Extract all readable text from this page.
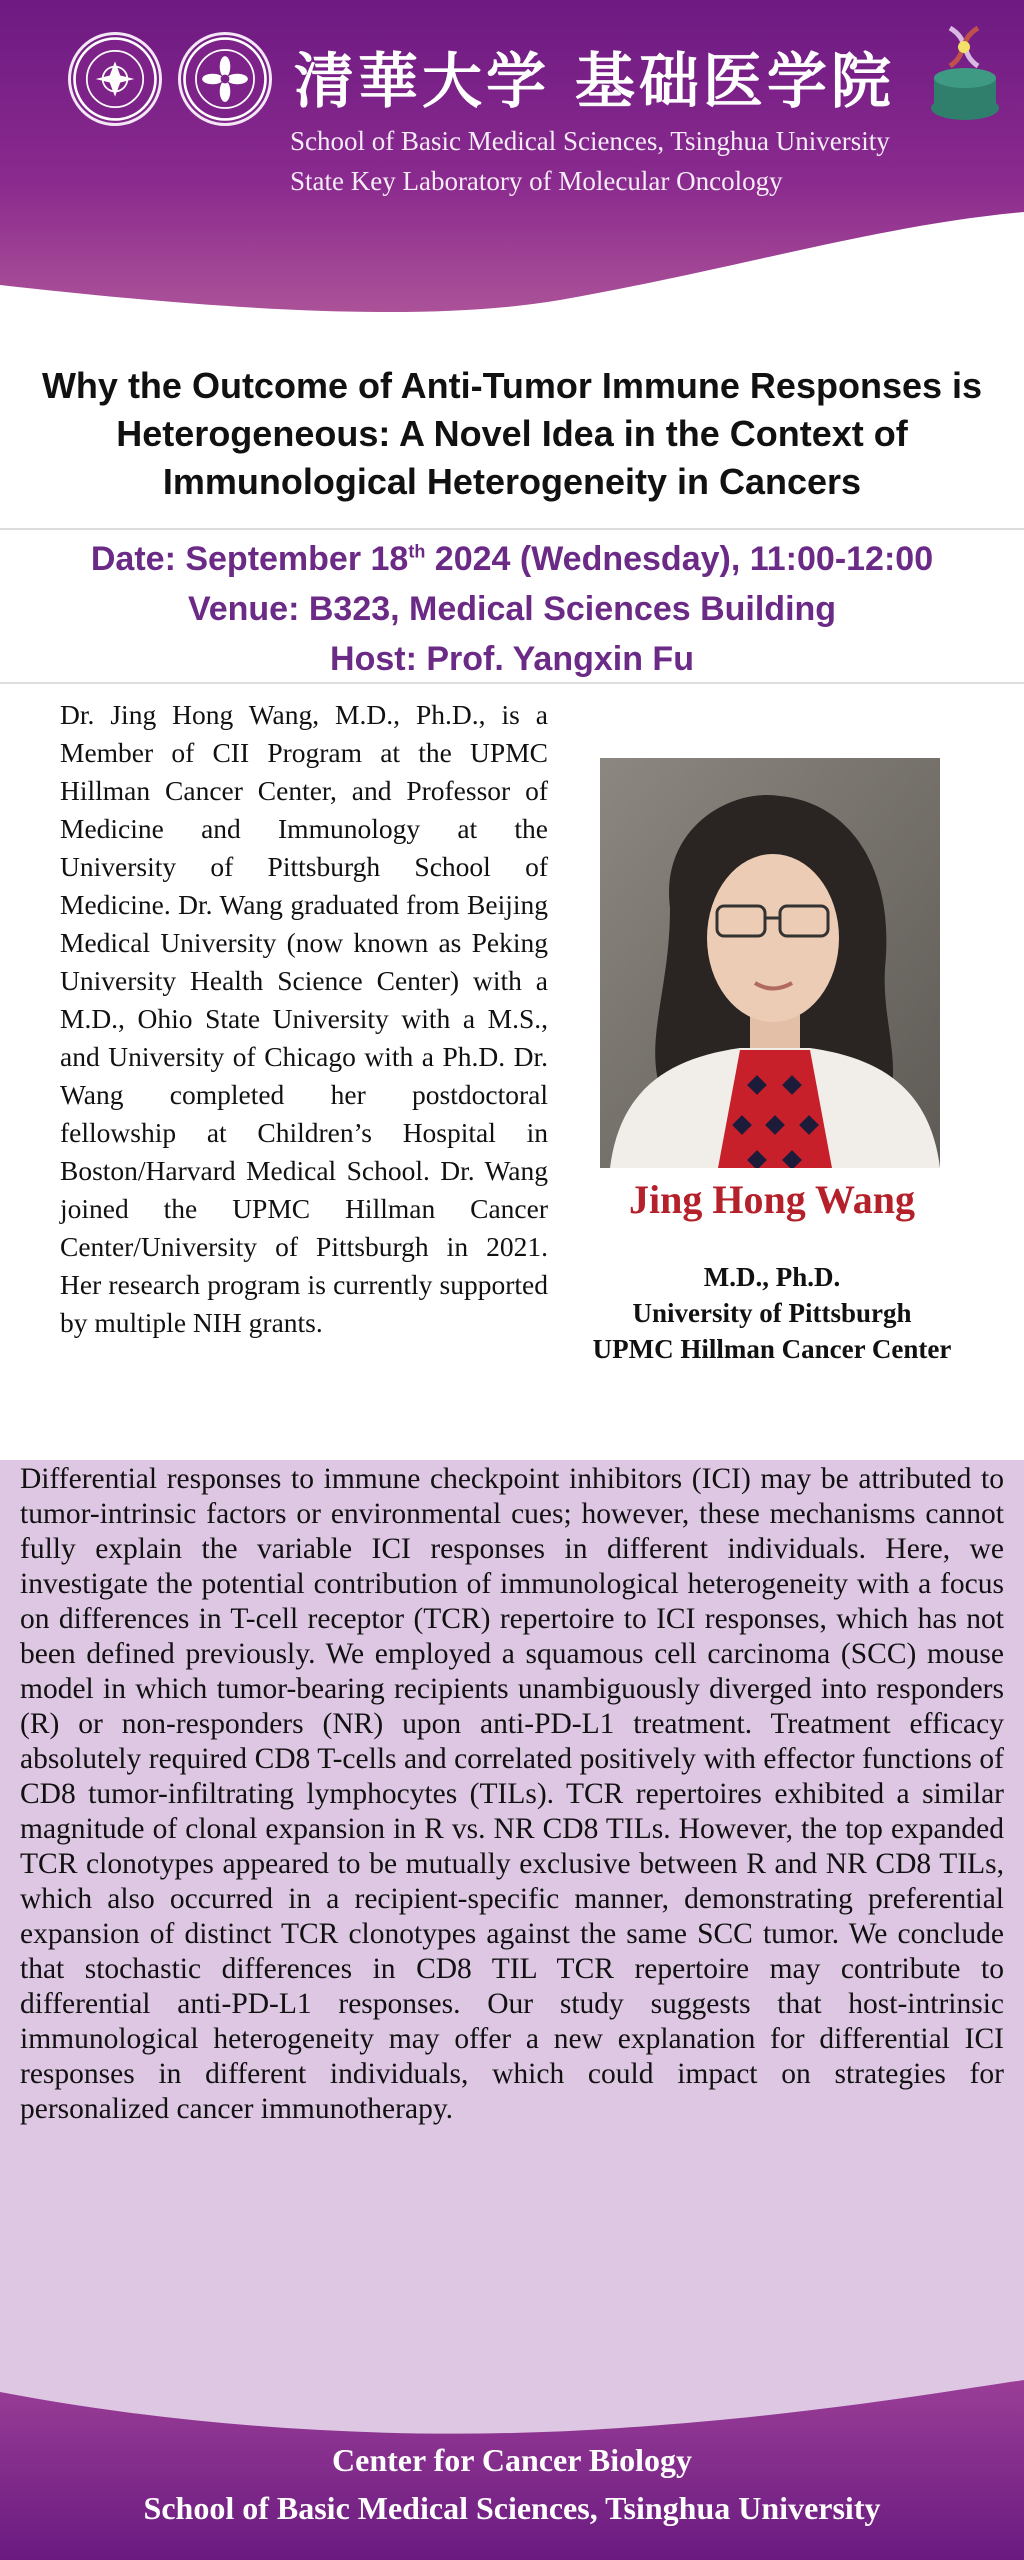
清華大学 基础医学院
School of Basic Medical Sciences, Tsinghua University
State Key Laboratory of Molecular Oncology
Why the Outcome of Anti-Tumor Immune Responses is Heterogeneous: A Novel Idea in the Context of Immunological Heterogeneity in Cancers
Date: September 18th 2024 (Wednesday), 11:00-12:00
Venue: B323, Medical Sciences Building
Host: Prof. Yangxin Fu

Dr. Jing Hong Wang, M.D., Ph.D., is a Member of CII Program at the UPMC Hillman Cancer Center, and Professor of Medicine and Immunology at the University of Pittsburgh School of Medicine. Dr. Wang graduated from Beijing Medical University (now known as Peking University Health Science Center) with a M.D., Ohio State University with a M.S., and University of Chicago with a Ph.D. Dr. Wang completed her postdoctoral fellowship at Children’s Hospital in Boston/Harvard Medical School. Dr. Wang joined the UPMC Hillman Cancer Center/University of Pittsburgh in 2021. Her research program is currently supported by multiple NIH grants.

Jing Hong Wang
M.D., Ph.D.
University of Pittsburgh
UPMC Hillman Cancer Center

Differential responses to immune checkpoint inhibitors (ICI) may be attributed to tumor-intrinsic factors or environmental cues; however, these mechanisms cannot fully explain the variable ICI responses in different individuals. Here, we investigate the potential contribution of immunological heterogeneity with a focus on differences in T-cell receptor (TCR) repertoire to ICI responses, which has not been defined previously. We employed a squamous cell carcinoma (SCC) mouse model in which tumor-bearing recipients unambiguously diverged into responders (R) or non-responders (NR) upon anti-PD-L1 treatment. Treatment efficacy absolutely required CD8 T-cells and correlated positively with effector functions of CD8 tumor-infiltrating lymphocytes (TILs). TCR repertoires exhibited a similar magnitude of clonal expansion in R vs. NR CD8 TILs. However, the top expanded TCR clonotypes appeared to be mutually exclusive between R and NR CD8 TILs, which also occurred in a recipient-specific manner, demonstrating preferential expansion of distinct TCR clonotypes against the same SCC tumor. We conclude that stochastic differences in CD8 TIL TCR repertoire may contribute to differential anti-PD-L1 responses. Our study suggests that host-intrinsic immunological heterogeneity may offer a new explanation for differential ICI responses in different individuals, which could impact on strategies for personalized cancer immunotherapy.

Center for Cancer Biology
School of Basic Medical Sciences, Tsinghua University
